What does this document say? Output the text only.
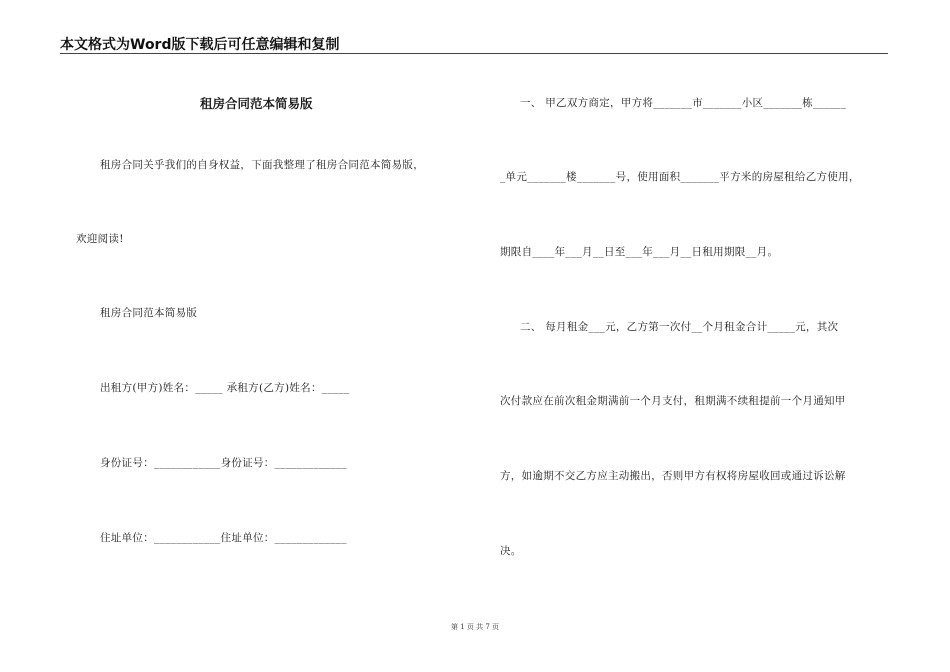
本文格式为Word版下载后可任意编辑和复制
租房合同范本简易版
租房合同关乎我们的自身权益，下面我整理了租房合同范本简易版，
欢迎阅读!
租房合同范本简易版
出租方(甲方)姓名：_____ 承租方(乙方)姓名：_____
身份证号：____________身份证号：_____________
住址单位：____________住址单位：_____________
一、 甲乙双方商定，甲方将_______市_______小区_______栋______
_单元_______楼_______号，使用面积_______平方米的房屋租给乙方使用，
期限自____年___月__日至___年___月__日租用期限__月。
二、 每月租金___元，乙方第一次付__个月租金合计_____元，其次
次付款应在前次租金期满前一个月支付，租期满不续租提前一个月通知甲
方，如逾期不交乙方应主动搬出，否则甲方有权将房屋收回或通过诉讼解
决。
第 1 页 共 7 页
